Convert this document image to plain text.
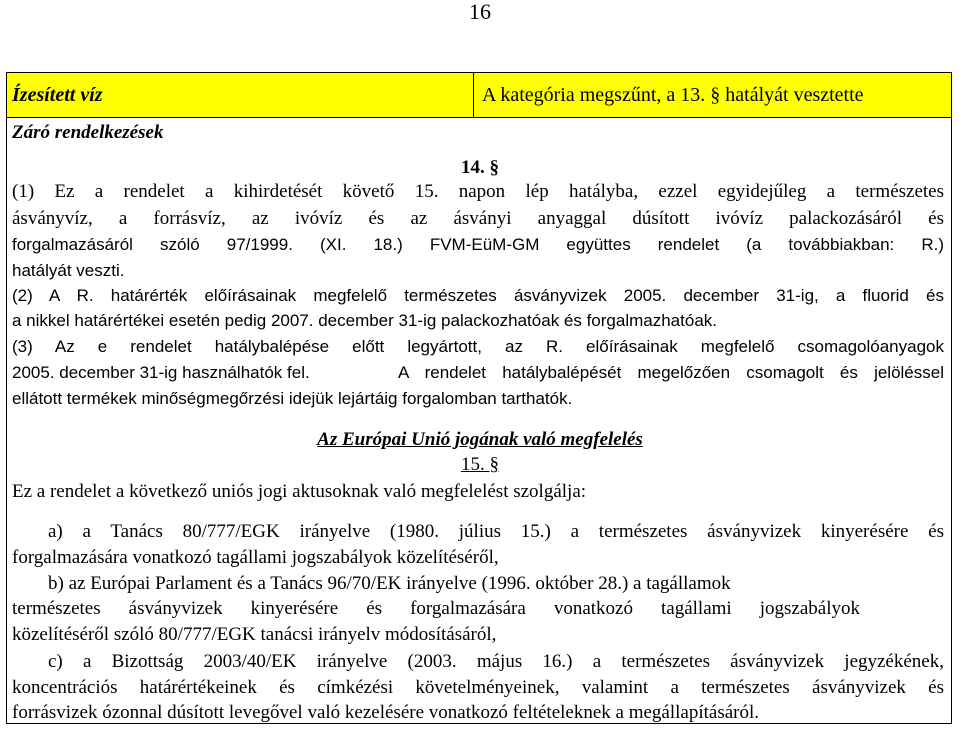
16
Ízesített víz	A kategória megszűnt, a 13. § hatályát vesztette
Záró rendelkezések
14. §
(1) Ez a rendelet a kihirdetését követő 15. napon lép hatályba, ezzel egyidejűleg a természetes
ásványvíz, a forrásvíz, az ivóvíz és az ásványi anyaggal dúsított ivóvíz palackozásáról és
forgalmazásáról szóló 97/1999. (XI. 18.) FVM-EüM-GM együttes rendelet (a továbbiakban: R.)
hatályát veszti.
(2) A R. határérték előírásainak megfelelő természetes ásványvizek 2005. december 31-ig, a fluorid és
a nikkel határértékei esetén pedig 2007. december 31-ig palackozhatóak és forgalmazhatóak.
(3) Az e rendelet hatálybalépése előtt legyártott, az R. előírásainak megfelelő csomagolóanyagok
2005. december 31-ig használhatók fel.	A rendelet hatálybalépését megelőzően csomagolt és jelöléssel
ellátott termékek minőségmegőrzési idejük lejártáig forgalomban tarthatók.
Az Európai Unió jogának való megfelelés
15. §
Ez a rendelet a következő uniós jogi aktusoknak való megfelelést szolgálja:
a) a Tanács 80/777/EGK irányelve (1980. július 15.) a természetes ásványvizek kinyerésére és
forgalmazására vonatkozó tagállami jogszabályok közelítéséről,
b) az Európai Parlament és a Tanács 96/70/EK irányelve (1996. október 28.) a tagállamok
természetes ásványvizek kinyerésére és forgalmazására vonatkozó tagállami jogszabályok
közelítéséről szóló 80/777/EGK tanácsi irányelv módosításáról,
c) a Bizottság 2003/40/EK irányelve (2003. május 16.) a természetes ásványvizek jegyzékének,
koncentrációs határértékeinek és címkézési követelményeinek, valamint a természetes ásványvizek és
forrásvizek ózonnal dúsított levegővel való kezelésére vonatkozó feltételeknek a megállapításáról.
